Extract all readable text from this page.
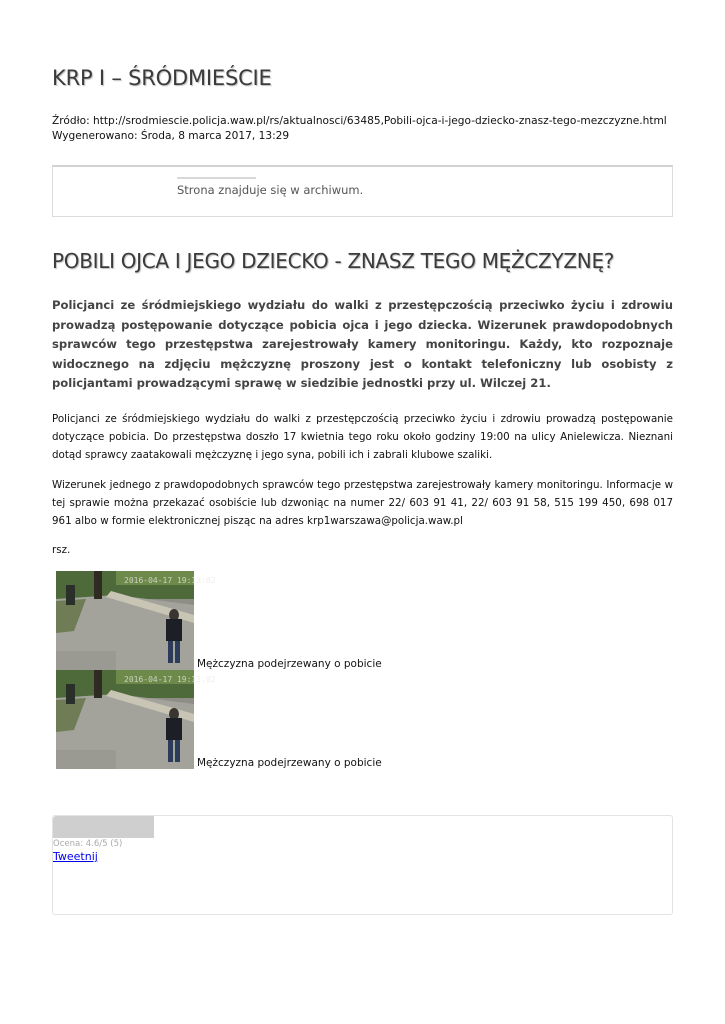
KRP I – ŚRÓDMIEŚCIE
Źródło: http://srodmiescie.policja.waw.pl/rs/aktualnosci/63485,Pobili-ojca-i-jego-dziecko-znasz-tego-mezczyzne.html
Wygenerowano: Środa, 8 marca 2017, 13:29
Strona znajduje się w archiwum.
POBILI OJCA I JEGO DZIECKO - ZNASZ TEGO MĘŻCZYZNĘ?

Policjanci ze śródmiejskiego wydziału do walki z przestępczością przeciwko życiu i zdrowiu prowadzą postępowanie dotyczące pobicia ojca i jego dziecka. Wizerunek prawdopodobnych sprawców tego przestępstwa zarejestrowały kamery monitoringu. Każdy, kto rozpoznaje widocznego na zdjęciu mężczyznę proszony jest o kontakt telefoniczny lub osobisty z policjantami prowadzącymi sprawę w siedzibie jednostki przy ul. Wilczej 21.

Policjanci ze śródmiejskiego wydziału do walki z przestępczością przeciwko życiu i zdrowiu prowadzą postępowanie dotyczące pobicia. Do przestępstwa doszło 17 kwietnia tego roku około godziny 19:00 na ulicy Anielewicza. Nieznani dotąd sprawcy zaatakowali mężczyznę i jego syna, pobili ich i zabrali klubowe szaliki.

Wizerunek jednego z prawdopodobnych sprawców tego przestępstwa zarejestrowały kamery monitoringu. Informacje w tej sprawie można przekazać osobiście lub dzwoniąc na numer 22/ 603 91 41, 22/ 603 91 58, 515 199 450, 698 017 961 albo w formie elektronicznej pisząc na adres krp1warszawa@policja.waw.pl

rsz.

2016-04-17 19:13:02
Mężczyzna podejrzewany o pobicie
2016-04-17 19:13:02
Mężczyzna podejrzewany o pobicie
Ocena: 4.6/5 (5)
Tweetnij
